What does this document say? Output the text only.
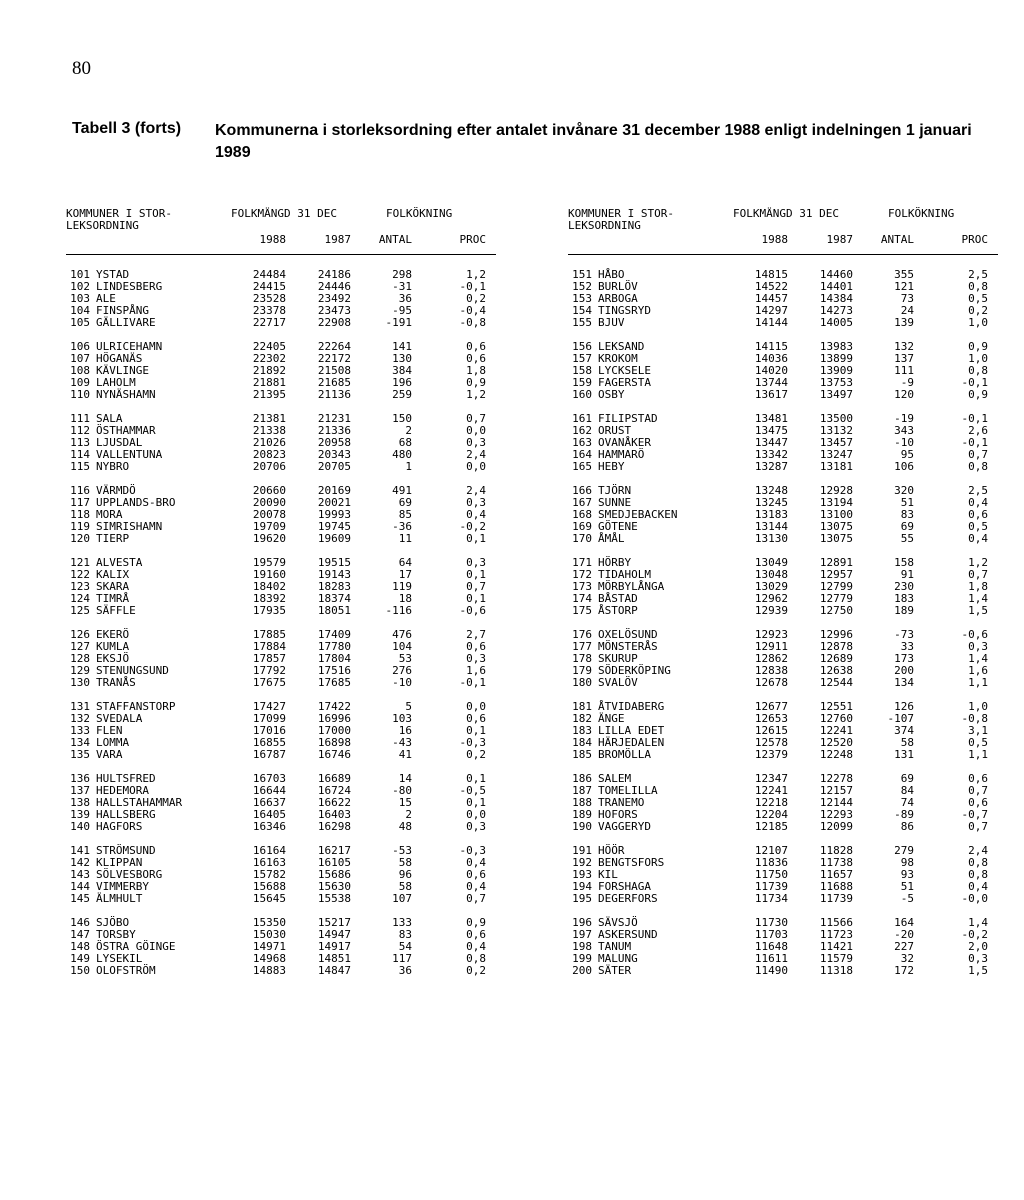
80
Tabell 3 (forts) Kommunerna i storleksordning efter antalet invånare 31 december 1988 enligt indelningen 1 januari 1989
KOMMUNER I STOR-
LEKSORDNING
FOLKMÄNGD 31 DEC	FOLKÖKNING
1988	1987	ANTAL	PROC
101 YSTAD	24484	24186	298	1,2
102 LINDESBERG	24415	24446	-31	-0,1
103 ALE	23528	23492	36	0,2
104 FINSPÅNG	23378	23473	-95	-0,4
105 GÄLLIVARE	22717	22908	-191	-0,8
106 ULRICEHAMN	22405	22264	141	0,6
107 HÖGANÄS	22302	22172	130	0,6
108 KÄVLINGE	21892	21508	384	1,8
109 LAHOLM	21881	21685	196	0,9
110 NYNÄSHAMN	21395	21136	259	1,2
111 SALA	21381	21231	150	0,7
112 ÖSTHAMMAR	21338	21336	2	0,0
113 LJUSDAL	21026	20958	68	0,3
114 VALLENTUNA	20823	20343	480	2,4
115 NYBRO	20706	20705	1	0,0
116 VÄRMDÖ	20660	20169	491	2,4
117 UPPLANDS-BRO	20090	20021	69	0,3
118 MORA	20078	19993	85	0,4
119 SIMRISHAMN	19709	19745	-36	-0,2
120 TIERP	19620	19609	11	0,1
121 ALVESTA	19579	19515	64	0,3
122 KALIX	19160	19143	17	0,1
123 SKARA	18402	18283	119	0,7
124 TIMRÅ	18392	18374	18	0,1
125 SÄFFLE	17935	18051	-116	-0,6
126 EKERÖ	17885	17409	476	2,7
127 KUMLA	17884	17780	104	0,6
128 EKSJÖ	17857	17804	53	0,3
129 STENUNGSUND	17792	17516	276	1,6
130 TRANÅS	17675	17685	-10	-0,1
131 STAFFANSTORP	17427	17422	5	0,0
132 SVEDALA	17099	16996	103	0,6
133 FLEN	17016	17000	16	0,1
134 LOMMA	16855	16898	-43	-0,3
135 VARA	16787	16746	41	0,2
136 HULTSFRED	16703	16689	14	0,1
137 HEDEMORA	16644	16724	-80	-0,5
138 HALLSTAHAMMAR	16637	16622	15	0,1
139 HALLSBERG	16405	16403	2	0,0
140 HAGFORS	16346	16298	48	0,3
141 STRÖMSUND	16164	16217	-53	-0,3
142 KLIPPAN	16163	16105	58	0,4
143 SÖLVESBORG	15782	15686	96	0,6
144 VIMMERBY	15688	15630	58	0,4
145 ÄLMHULT	15645	15538	107	0,7
146 SJÖBO	15350	15217	133	0,9
147 TORSBY	15030	14947	83	0,6
148 ÖSTRA GÖINGE	14971	14917	54	0,4
149 LYSEKIL	14968	14851	117	0,8
150 OLOFSTRÖM	14883	14847	36	0,2
KOMMUNER I STOR-
LEKSORDNING
FOLKMÄNGD 31 DEC	FOLKÖKNING
1988	1987	ANTAL	PROC
151 HÅBO	14815	14460	355	2,5
152 BURLÖV	14522	14401	121	0,8
153 ARBOGA	14457	14384	73	0,5
154 TINGSRYD	14297	14273	24	0,2
155 BJUV	14144	14005	139	1,0
156 LEKSAND	14115	13983	132	0,9
157 KROKOM	14036	13899	137	1,0
158 LYCKSELE	14020	13909	111	0,8
159 FAGERSTA	13744	13753	-9	-0,1
160 OSBY	13617	13497	120	0,9
161 FILIPSTAD	13481	13500	-19	-0,1
162 ORUST	13475	13132	343	2,6
163 OVANÅKER	13447	13457	-10	-0,1
164 HAMMARÖ	13342	13247	95	0,7
165 HEBY	13287	13181	106	0,8
166 TJÖRN	13248	12928	320	2,5
167 SUNNE	13245	13194	51	0,4
168 SMEDJEBACKEN	13183	13100	83	0,6
169 GÖTENE	13144	13075	69	0,5
170 ÅMÅL	13130	13075	55	0,4
171 HÖRBY	13049	12891	158	1,2
172 TIDAHOLM	13048	12957	91	0,7
173 MÖRBYLÅNGA	13029	12799	230	1,8
174 BÅSTAD	12962	12779	183	1,4
175 ÅSTORP	12939	12750	189	1,5
176 OXELÖSUND	12923	12996	-73	-0,6
177 MÖNSTERÅS	12911	12878	33	0,3
178 SKURUP	12862	12689	173	1,4
179 SÖDERKÖPING	12838	12638	200	1,6
180 SVALÖV	12678	12544	134	1,1
181 ÅTVIDABERG	12677	12551	126	1,0
182 ÄNGE	12653	12760	-107	-0,8
183 LILLA EDET	12615	12241	374	3,1
184 HÄRJEDALEN	12578	12520	58	0,5
185 BROMÖLLA	12379	12248	131	1,1
186 SALEM	12347	12278	69	0,6
187 TOMELILLA	12241	12157	84	0,7
188 TRANEMO	12218	12144	74	0,6
189 HOFORS	12204	12293	-89	-0,7
190 VAGGERYD	12185	12099	86	0,7
191 HÖÖR	12107	11828	279	2,4
192 BENGTSFORS	11836	11738	98	0,8
193 KIL	11750	11657	93	0,8
194 FORSHAGA	11739	11688	51	0,4
195 DEGERFORS	11734	11739	-5	-0,0
196 SÄVSJÖ	11730	11566	164	1,4
197 ASKERSUND	11703	11723	-20	-0,2
198 TANUM	11648	11421	227	2,0
199 MALUNG	11611	11579	32	0,3
200 SÄTER	11490	11318	172	1,5
